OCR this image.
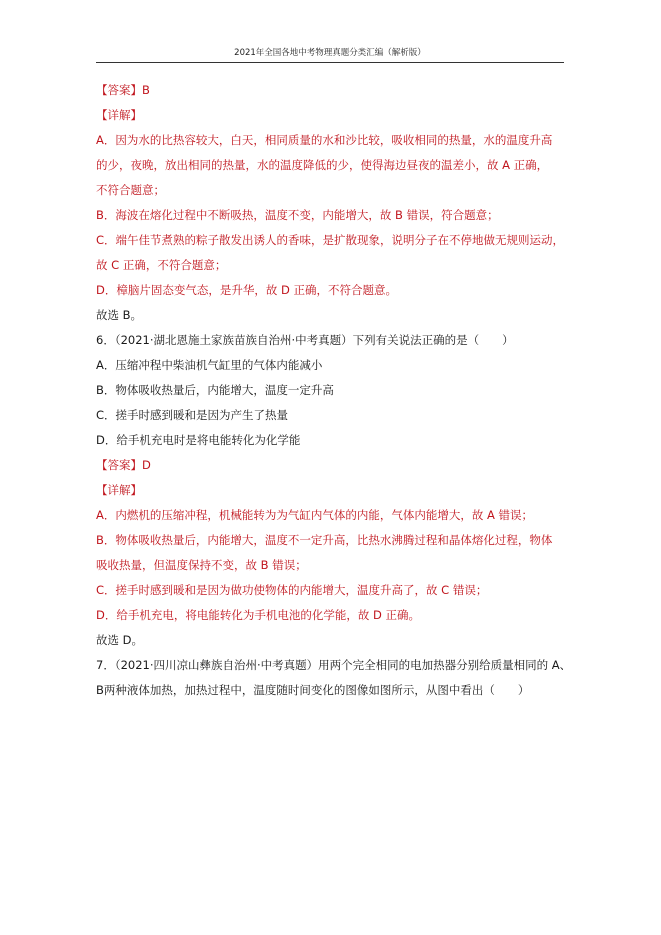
2021年全国各地中考物理真题分类汇编（解析版）
【答案】B
【详解】
A．因为水的比热容较大，白天，相同质量的水和沙比较，吸收相同的热量，水的温度升高
的少，夜晚，放出相同的热量，水的温度降低的少，使得海边昼夜的温差小，故 A 正确，
不符合题意；
B．海波在熔化过程中不断吸热，温度不变，内能增大，故 B 错误，符合题意；
C．端午佳节煮熟的粽子散发出诱人的香味，是扩散现象，说明分子在不停地做无规则运动，
故 C 正确，不符合题意；
D．樟脑片固态变气态，是升华，故 D 正确，不符合题意。
故选 B。
6．（2021·湖北恩施土家族苗族自治州·中考真题）下列有关说法正确的是（　　）
A．压缩冲程中柴油机气缸里的气体内能减小
B．物体吸收热量后，内能增大，温度一定升高
C．搓手时感到暖和是因为产生了热量
D．给手机充电时是将电能转化为化学能
【答案】D
【详解】
A．内燃机的压缩冲程，机械能转为为气缸内气体的内能，气体内能增大，故 A 错误；
B．物体吸收热量后，内能增大，温度不一定升高，比热水沸腾过程和晶体熔化过程，物体
吸收热量，但温度保持不变，故 B 错误；
C．搓手时感到暖和是因为做功使物体的内能增大，温度升高了，故 C 错误；
D．给手机充电，将电能转化为手机电池的化学能，故 D 正确。
故选 D。
7．（2021·四川凉山彝族自治州·中考真题）用两个完全相同的电加热器分别给质量相同的 A、
B两种液体加热，加热过程中，温度随时间变化的图像如图所示，从图中看出（　　）
